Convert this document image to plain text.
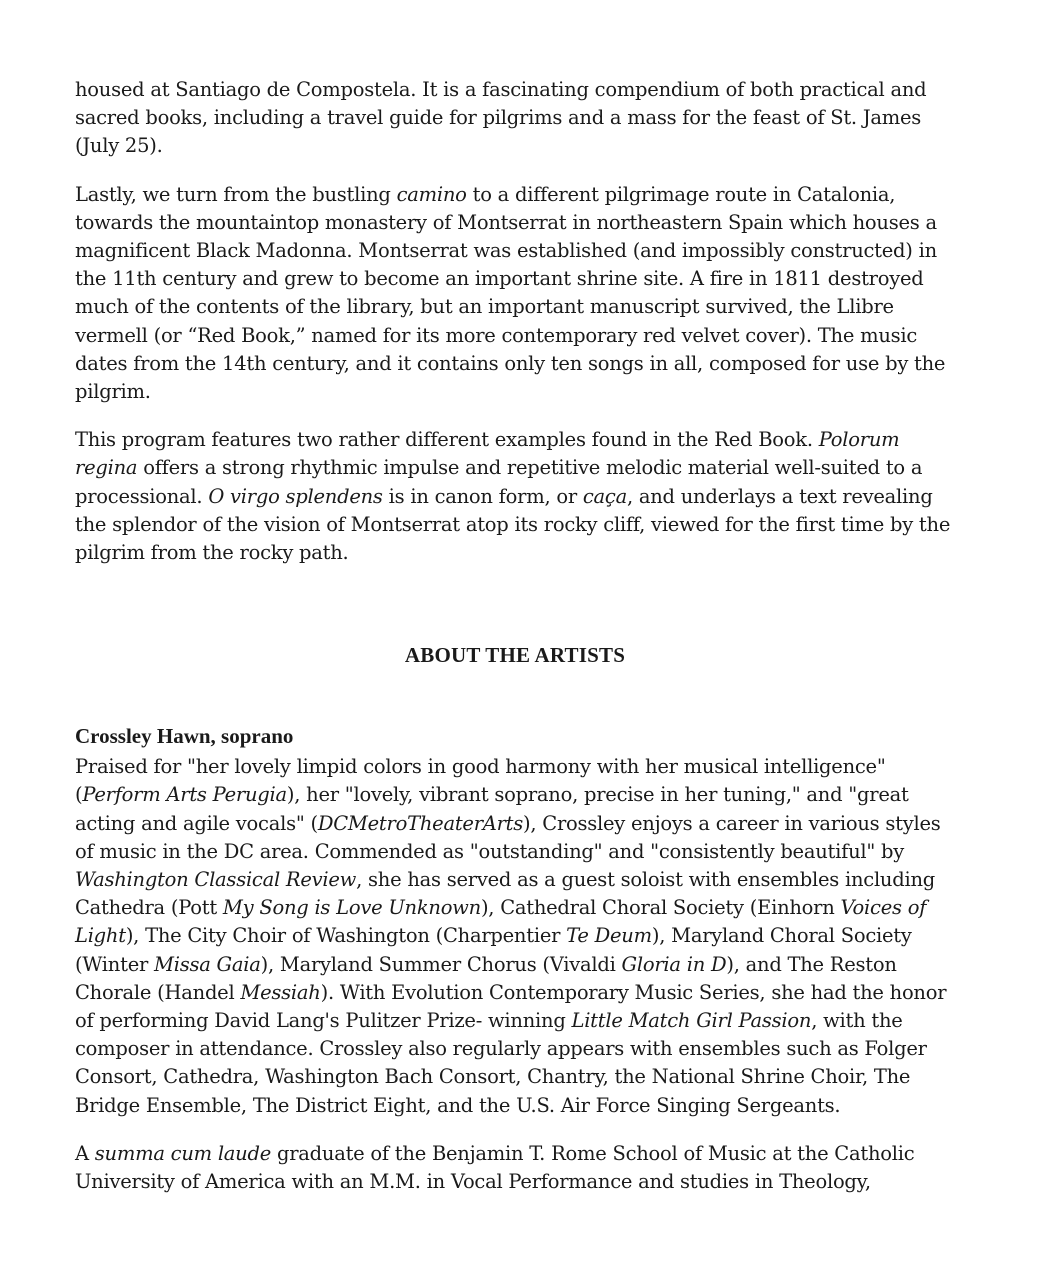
housed at Santiago de Compostela. It is a fascinating compendium of both practical and sacred books, including a travel guide for pilgrims and a mass for the feast of St. James (July 25).

Lastly, we turn from the bustling camino to a different pilgrimage route in Catalonia, towards the mountaintop monastery of Montserrat in northeastern Spain which houses a magnificent Black Madonna. Montserrat was established (and impossibly constructed) in the 11th century and grew to become an important shrine site. A fire in 1811 destroyed much of the contents of the library, but an important manuscript survived, the Llibre vermell (or “Red Book,” named for its more contemporary red velvet cover). The music dates from the 14th century, and it contains only ten songs in all, composed for use by the pilgrim.

This program features two rather different examples found in the Red Book. Polorum regina offers a strong rhythmic impulse and repetitive melodic material well-suited to a processional. O virgo splendens is in canon form, or caça, and underlays a text revealing the splendor of the vision of Montserrat atop its rocky cliff, viewed for the first time by the pilgrim from the rocky path.

ABOUT THE ARTISTS
Crossley Hawn, soprano

Praised for "her lovely limpid colors in good harmony with her musical intelligence" (Perform Arts Perugia), her "lovely, vibrant soprano, precise in her tuning," and "great acting and agile vocals" (DCMetroTheaterArts), Crossley enjoys a career in various styles of music in the DC area. Commended as "outstanding" and "consistently beautiful" by Washington Classical Review, she has served as a guest soloist with ensembles including Cathedra (Pott My Song is Love Unknown), Cathedral Choral Society (Einhorn Voices of Light), The City Choir of Washington (Charpentier Te Deum), Maryland Choral Society (Winter Missa Gaia), Maryland Summer Chorus (Vivaldi Gloria in D), and The Reston Chorale (Handel Messiah). With Evolution Contemporary Music Series, she had the honor of performing David Lang's Pulitzer Prize- winning Little Match Girl Passion, with the composer in attendance. Crossley also regularly appears with ensembles such as Folger Consort, Cathedra, Washington Bach Consort, Chantry, the National Shrine Choir, The Bridge Ensemble, The District Eight, and the U.S. Air Force Singing Sergeants.

A summa cum laude graduate of the Benjamin T. Rome School of Music at the Catholic University of America with an M.M. in Vocal Performance and studies in Theology,
